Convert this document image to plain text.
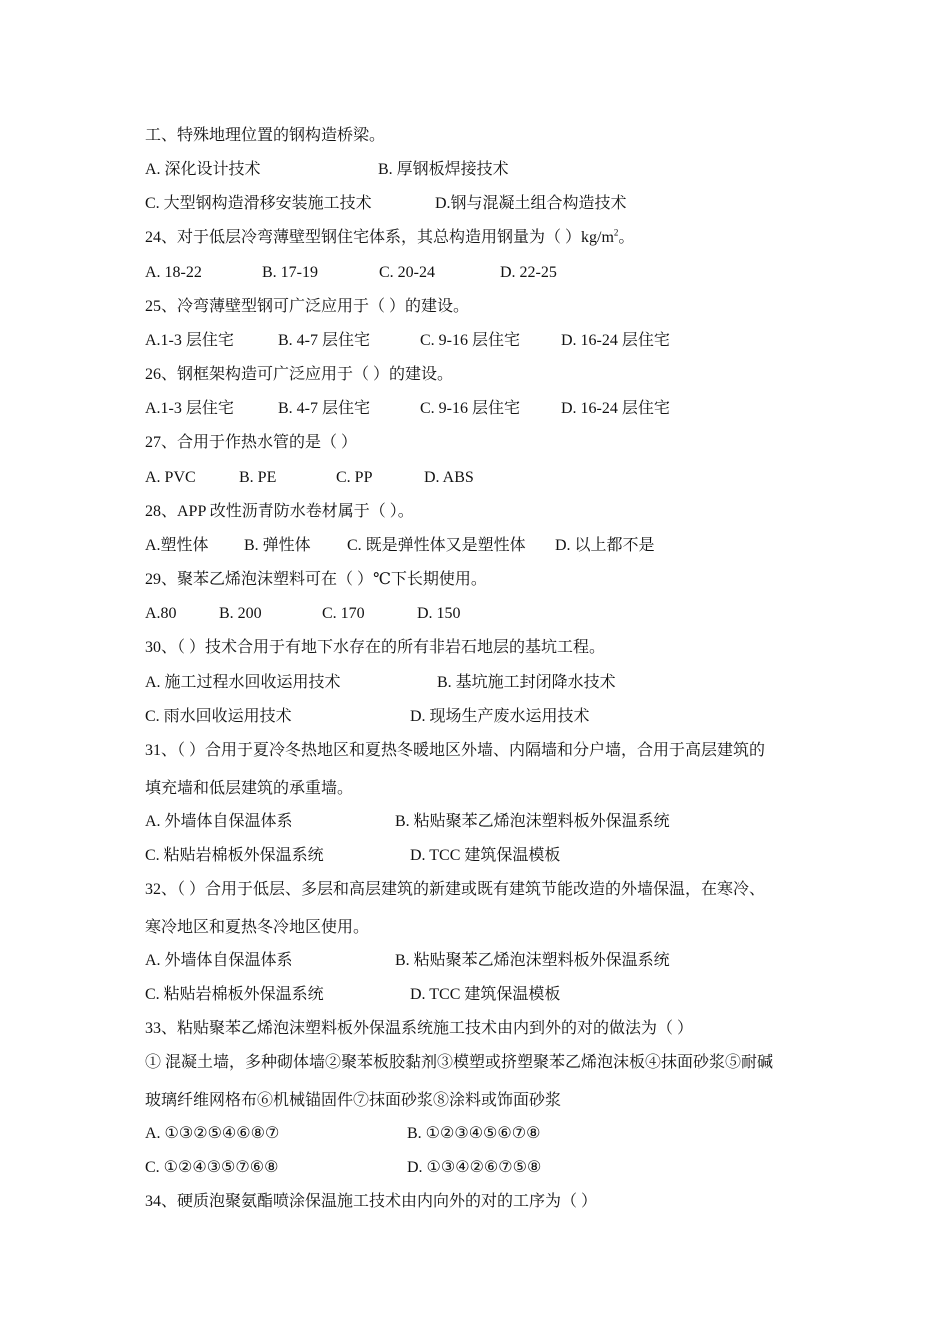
工、特殊地理位置的钢构造桥梁。
A. 深化设计技术	B. 厚钢板焊接技术
C. 大型钢构造滑移安装施工技术	D.钢与混凝土组合构造技术
24、对于低层冷弯薄壁型钢住宅体系，其总构造用钢量为（ ）$kg/m^2$。
A. 18-22	B. 17-19	C. 20-24	D. 22-25
25、冷弯薄壁型钢可广泛应用于（ ）的建设。
A.1-3 层住宅	B. 4-7 层住宅	C. 9-16 层住宅	D. 16-24 层住宅
26、钢框架构造可广泛应用于（ ）的建设。
A.1-3 层住宅	B. 4-7 层住宅	C. 9-16 层住宅	D. 16-24 层住宅
27、合用于作热水管的是（ ）
A. PVC	B. PE	C. PP	D. ABS
28、APP 改性沥青防水卷材属于（ ）。
A.塑性体 B. 弹性体 C. 既是弹性体又是塑性体 D. 以上都不是
29、聚苯乙烯泡沫塑料可在（ ）℃下长期使用。
A.80	B. 200	C. 170	D. 150
30、（ ）技术合用于有地下水存在的所有非岩石地层的基坑工程。
A. 施工过程水回收运用技术	B. 基坑施工封闭降水技术
C. 雨水回收运用技术	D. 现场生产废水运用技术
31、（ ）合用于夏冷冬热地区和夏热冬暖地区外墙、内隔墙和分户墙，合用于高层建筑的
填充墙和低层建筑的承重墙。
A. 外墙体自保温体系	B. 粘贴聚苯乙烯泡沫塑料板外保温系统
C. 粘贴岩棉板外保温系统	D. TCC 建筑保温模板
32、（ ）合用于低层、多层和高层建筑的新建或既有建筑节能改造的外墙保温，在寒冷、
寒冷地区和夏热冬冷地区使用。
A. 外墙体自保温体系	B. 粘贴聚苯乙烯泡沫塑料板外保温系统
C. 粘贴岩棉板外保温系统	D. TCC 建筑保温模板
33、粘贴聚苯乙烯泡沫塑料板外保温系统施工技术由内到外的对的做法为（ ）
① 混凝土墙，多种砌体墙②聚苯板胶黏剂③模塑或挤塑聚苯乙烯泡沫板④抹面砂浆⑤耐碱
玻璃纤维网格布⑥机械锚固件⑦抹面砂浆⑧涂料或饰面砂浆
A. ①③②⑤④⑥⑧⑦	B. ①②③④⑤⑥⑦⑧
C. ①②④③⑤⑦⑥⑧	D. ①③④②⑥⑦⑤⑧
34、硬质泡聚氨酯喷涂保温施工技术由内向外的对的工序为（ ）
